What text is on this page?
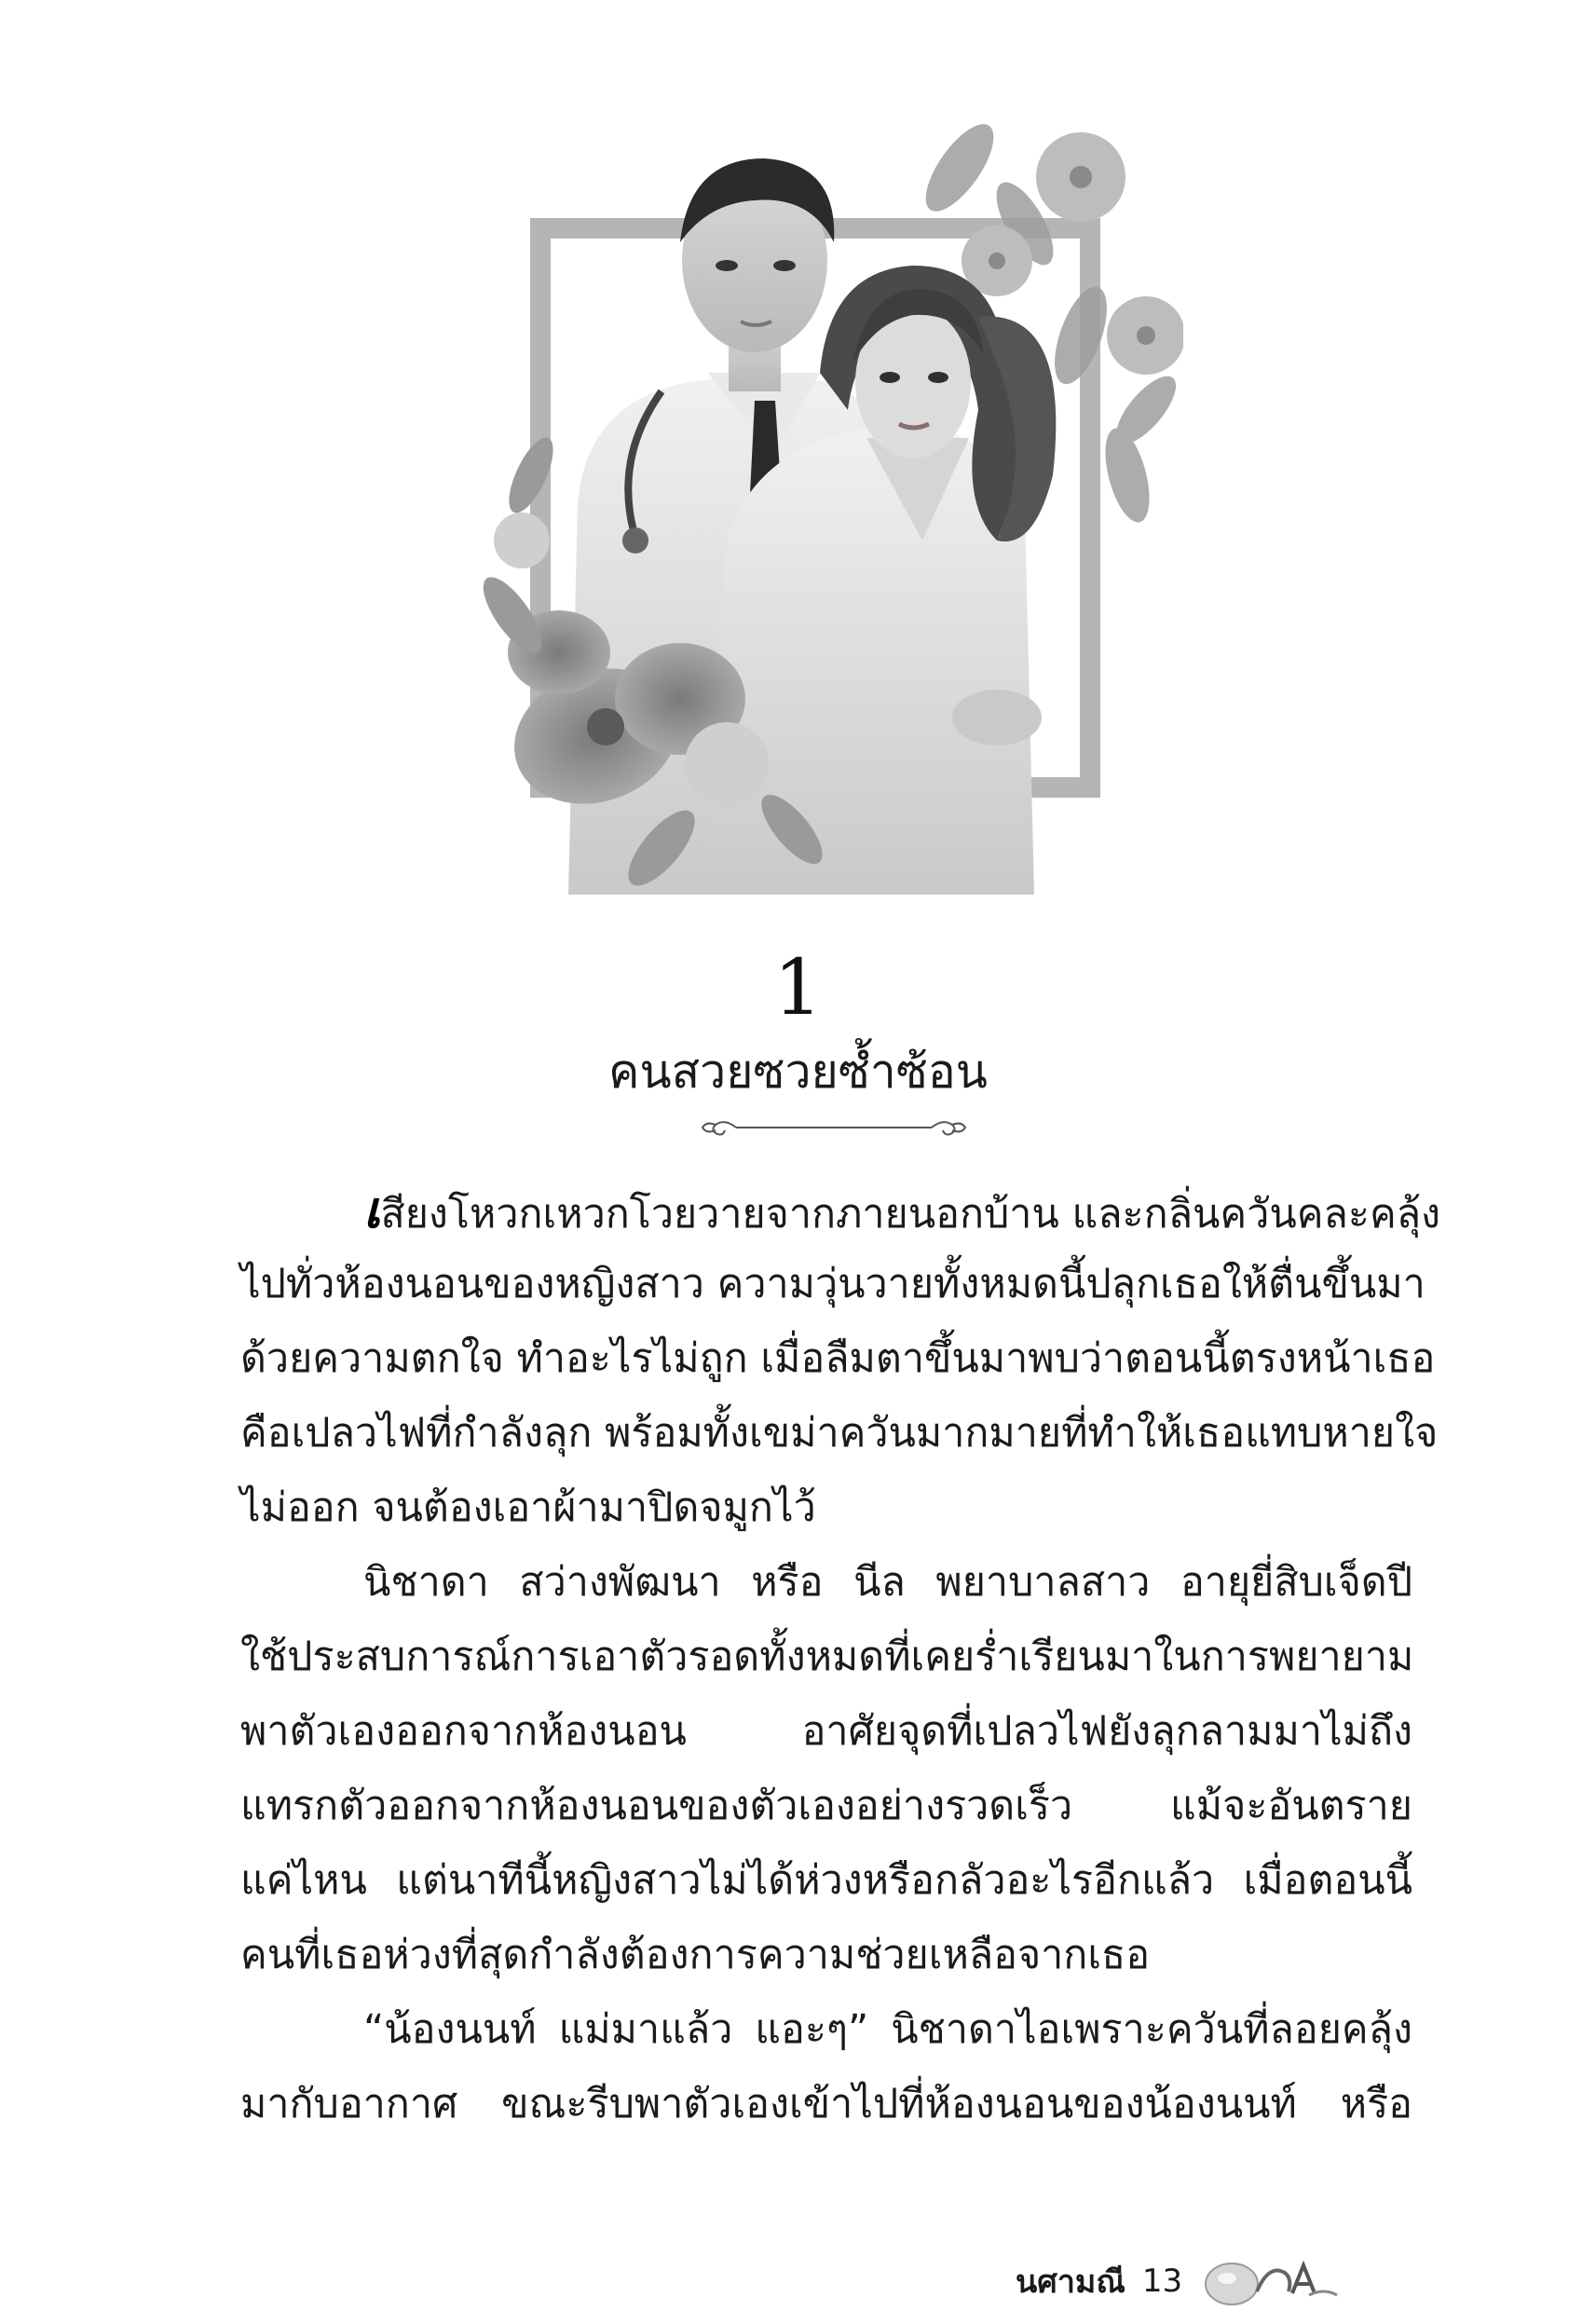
1
คนสวยซวยซ้ำซ้อน
เสียงโหวกเหวกโวยวายจากภายนอกบ้าน และกลิ่นควันคละคลุ้ง
ไปทั่วห้องนอนของหญิงสาว ความวุ่นวายทั้งหมดนี้ปลุกเธอให้ตื่นขึ้นมา
ด้วยความตกใจ ทำอะไรไม่ถูก เมื่อลืมตาขึ้นมาพบว่าตอนนี้ตรงหน้าเธอ
คือเปลวไฟที่กำลังลุก พร้อมทั้งเขม่าควันมากมายที่ทำให้เธอแทบหายใจ
ไม่ออก จนต้องเอาผ้ามาปิดจมูกไว้
นิชาดา สว่างพัฒนา หรือ นีล พยาบาลสาว อายุยี่สิบเจ็ดปี
ใช้ประสบการณ์การเอาตัวรอดทั้งหมดที่เคยร่ำเรียนมาในการพยายาม
พาตัวเองออกจากห้องนอน อาศัยจุดที่เปลวไฟยังลุกลามมาไม่ถึง
แทรกตัวออกจากห้องนอนของตัวเองอย่างรวดเร็ว แม้จะอันตราย
แค่ไหน แต่นาทีนี้หญิงสาวไม่ได้ห่วงหรือกลัวอะไรอีกแล้ว เมื่อตอนนี้
คนที่เธอห่วงที่สุดกำลังต้องการความช่วยเหลือจากเธอ
“น้องนนท์ แม่มาแล้ว แอะๆ” นิชาดาไอเพราะควันที่ลอยคลุ้ง
มากับอากาศ ขณะรีบพาตัวเองเข้าไปที่ห้องนอนของน้องนนท์ หรือ
นศามณี 13
